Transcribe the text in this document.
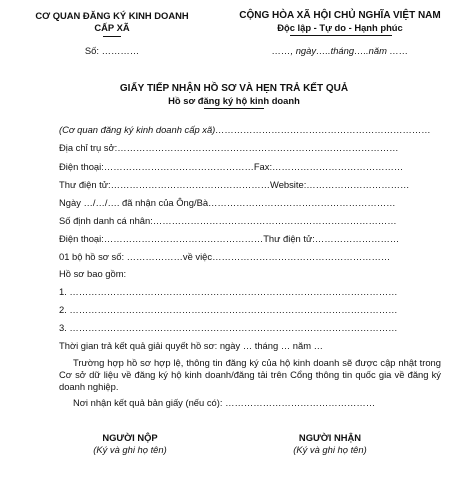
CƠ QUAN ĐĂNG KÝ KINH DOANH
CẤP XÃ
Số: …………
CỘNG HÒA XÃ HỘI CHỦ NGHĨA VIỆT NAM
Độc lập - Tự do - Hạnh phúc
……, ngày…..tháng…..năm ……
GIẤY TIẾP NHẬN HỒ SƠ VÀ HẸN TRẢ KẾT QUẢ
Hồ sơ đăng ký hộ kinh doanh
(Cơ quan đăng ký kinh doanh cấp xã)……………………………………………………………
Địa chỉ trụ sở:………………………………………………………………………………
Điện thoại:…………………………………………Fax:……………………………………
Thư điện tử:……………………………………………Website:……………………………
Ngày …/…/…. đã nhận của Ông/Bà……………………………………………………
Số định danh cá nhân:……………………………………………………………………
Điện thoại:……………………………………………Thư điện tử:………………………
01 bộ hồ sơ số: ………………về việc…………………………………………………
Hồ sơ bao gồm:
1. ……………………………………………………………………………………………
2. ……………………………………………………………………………………………
3. ……………………………………………………………………………………………
Thời gian trả kết quả giải quyết hồ sơ: ngày … tháng … năm …
Trường hợp hồ sơ hợp lệ, thông tin đăng ký của hộ kinh doanh sẽ được cập nhật trong Cơ sở dữ liệu về đăng ký hộ kinh doanh/đăng tải trên Cổng thông tin quốc gia về đăng ký doanh nghiệp.
Nơi nhận kết quả bản giấy (nếu có): …………………………………………
NGƯỜI NỘP
(Ký và ghi họ tên)
NGƯỜI NHẬN
(Ký và ghi họ tên)
